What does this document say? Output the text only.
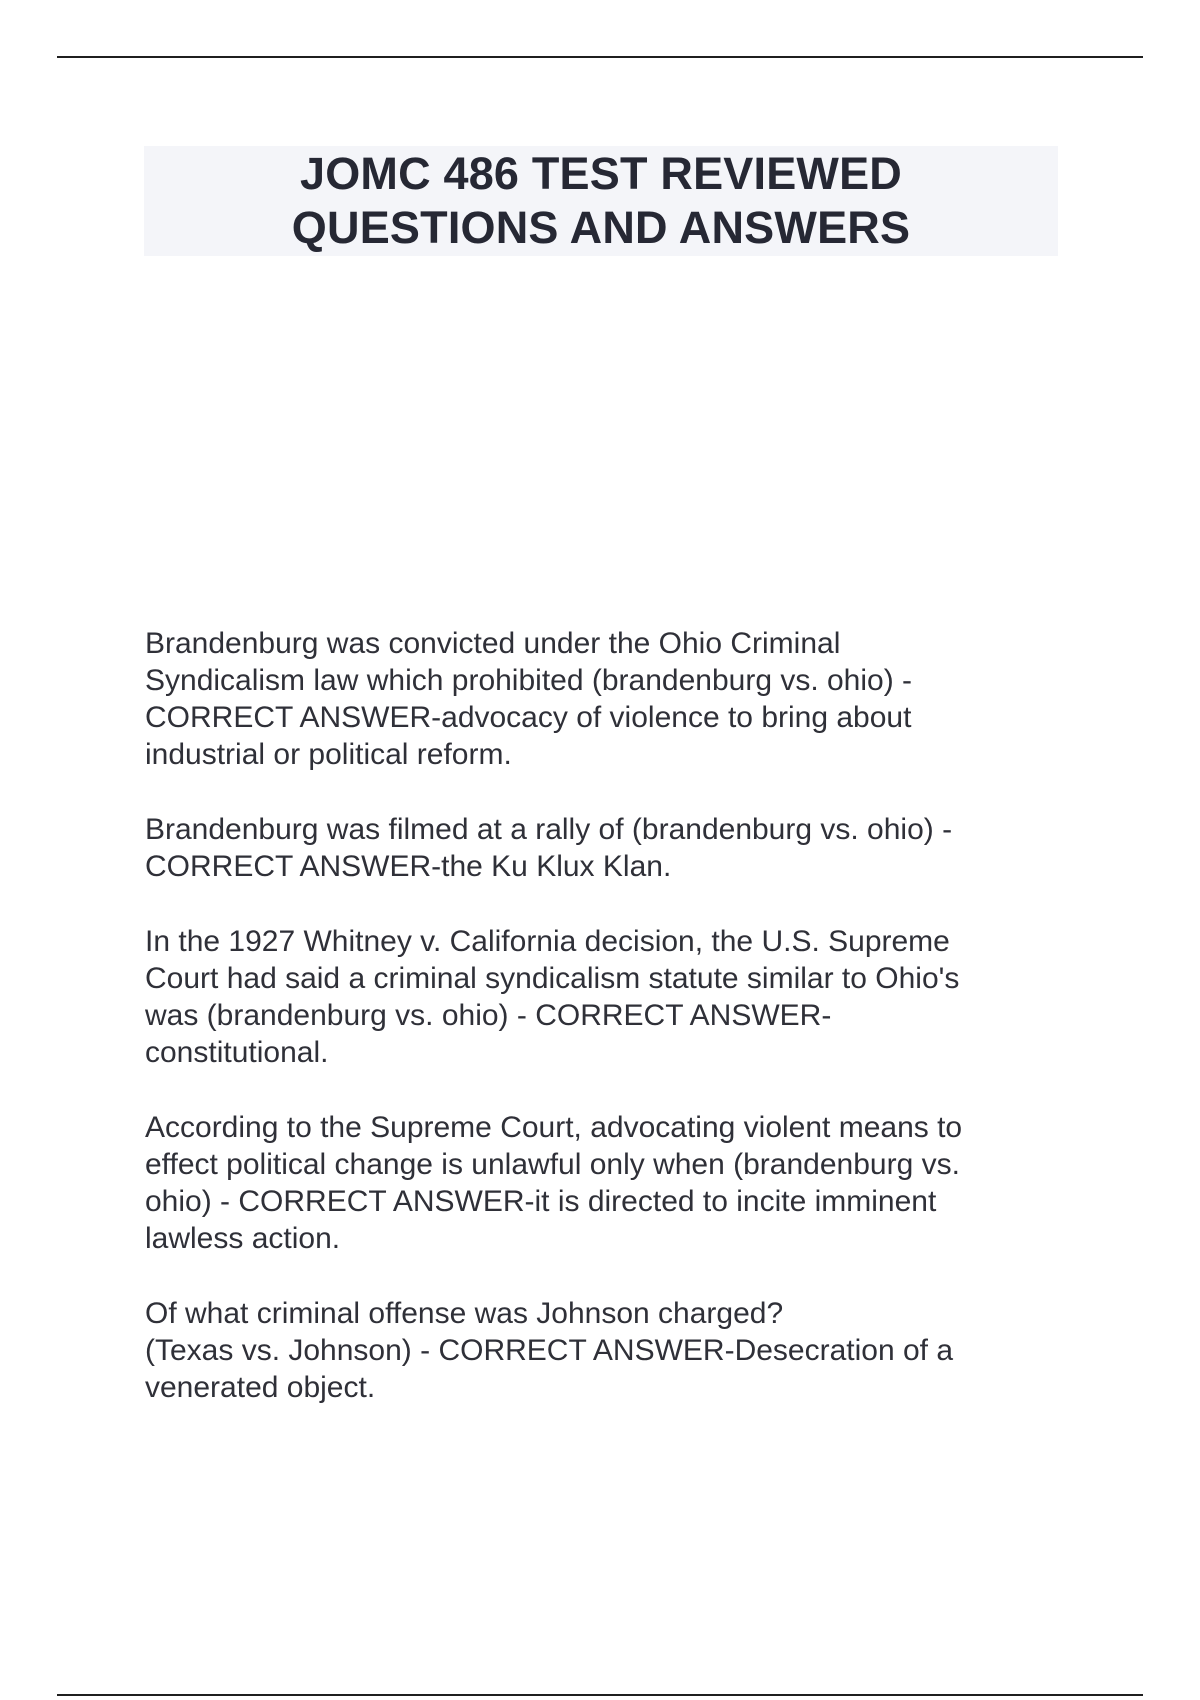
JOMC 486 TEST REVIEWED
QUESTIONS AND ANSWERS

Brandenburg was convicted under the Ohio Criminal
Syndicalism law which prohibited (brandenburg vs. ohio) -
CORRECT ANSWER-advocacy of violence to bring about
industrial or political reform.

Brandenburg was filmed at a rally of (brandenburg vs. ohio) -
CORRECT ANSWER-the Ku Klux Klan.

In the 1927 Whitney v. California decision, the U.S. Supreme
Court had said a criminal syndicalism statute similar to Ohio's
was (brandenburg vs. ohio) - CORRECT ANSWER-
constitutional.

According to the Supreme Court, advocating violent means to
effect political change is unlawful only when (brandenburg vs.
ohio) - CORRECT ANSWER-it is directed to incite imminent
lawless action.

Of what criminal offense was Johnson charged?
(Texas vs. Johnson) - CORRECT ANSWER-Desecration of a
venerated object.
